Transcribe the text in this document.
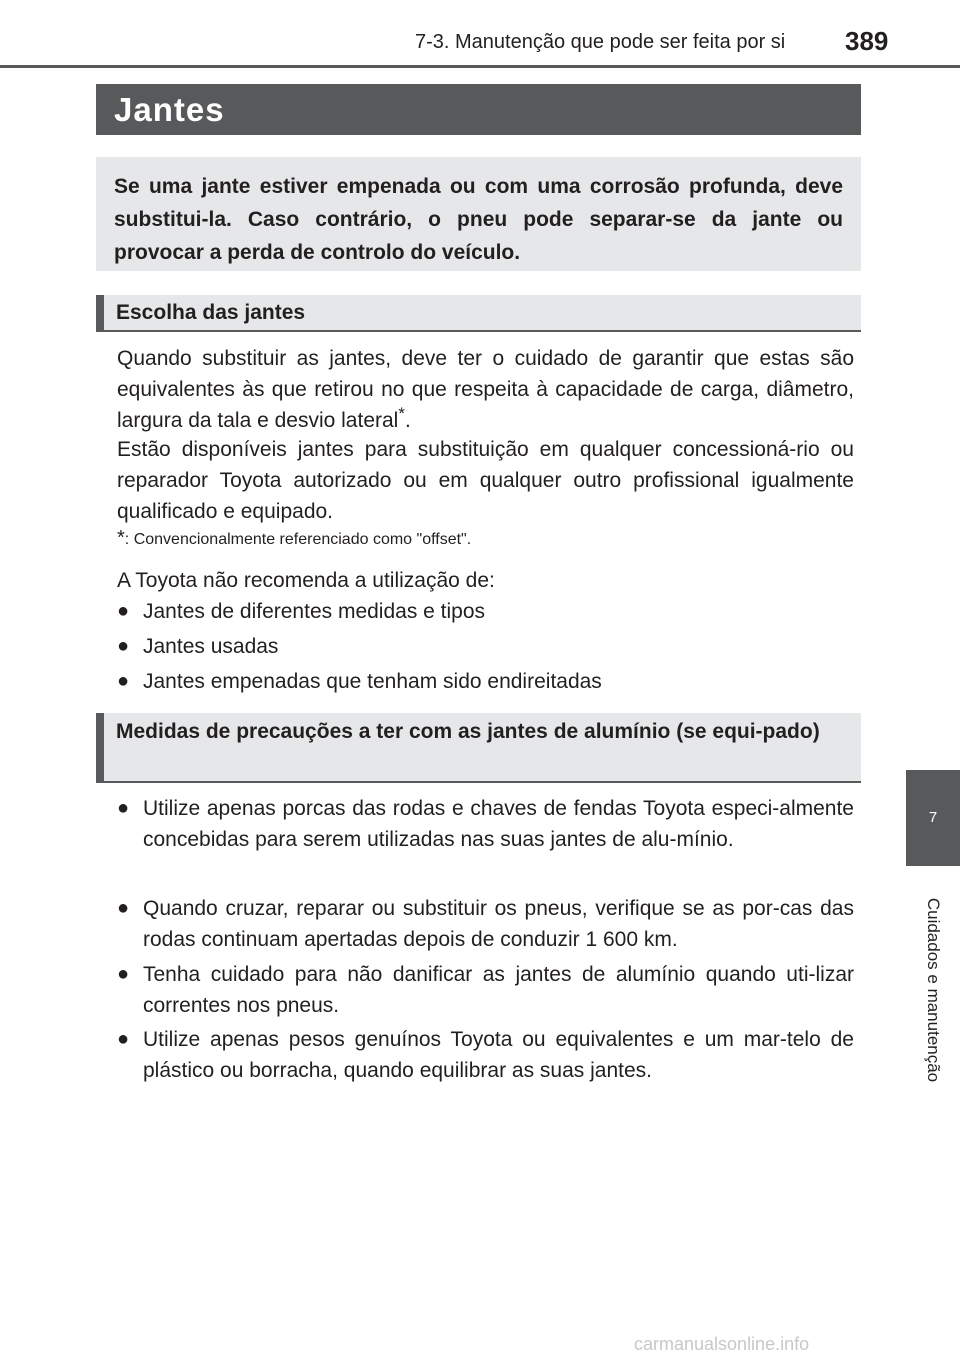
7-3. Manutenção que pode ser feita por si 389
Jantes
Se uma jante estiver empenada ou com uma corrosão profunda, deve substitui-la. Caso contrário, o pneu pode separar-se da jante ou provocar a perda de controlo do veículo.
Escolha das jantes
Quando substituir as jantes, deve ter o cuidado de garantir que estas são equivalentes às que retirou no que respeita à capacidade de carga, diâmetro, largura da tala e desvio lateral*.
Estão disponíveis jantes para substituição em qualquer concessioná-rio ou reparador Toyota autorizado ou em qualquer outro profissional igualmente qualificado e equipado.
*: Convencionalmente referenciado como "offset".
A Toyota não recomenda a utilização de:
● Jantes de diferentes medidas e tipos
● Jantes usadas
● Jantes empenadas que tenham sido endireitadas
Medidas de precauções a ter com as jantes de alumínio (se equi-pado)
● Utilize apenas porcas das rodas e chaves de fendas Toyota especi-almente concebidas para serem utilizadas nas suas jantes de alu-mínio.
● Quando cruzar, reparar ou substituir os pneus, verifique se as por-cas das rodas continuam apertadas depois de conduzir 1 600 km.
● Tenha cuidado para não danificar as jantes de alumínio quando uti-lizar correntes nos pneus.
● Utilize apenas pesos genuínos Toyota ou equivalentes e um mar-telo de plástico ou borracha, quando equilibrar as suas jantes.
7
Cuidados e manutenção
carmanualsonline.info
